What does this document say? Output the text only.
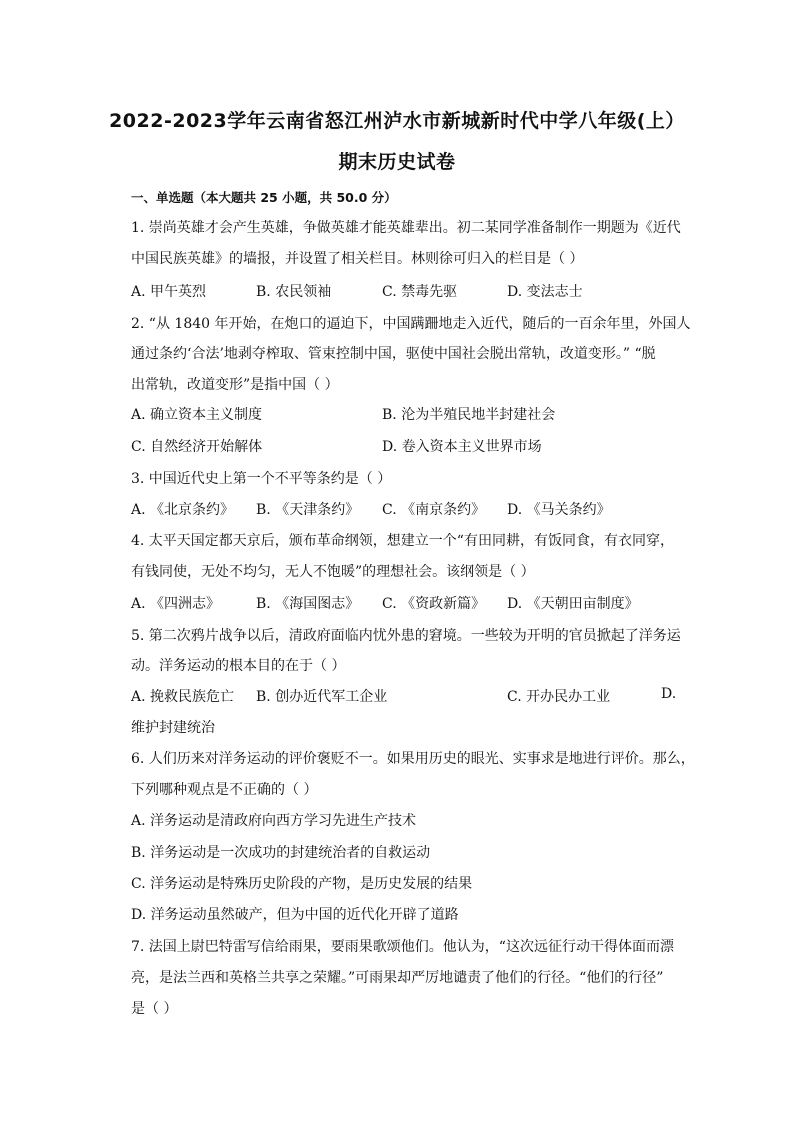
2022-2023学年云南省怒江州泸水市新城新时代中学八年级(上）
期末历史试卷
一、单选题（本大题共 25 小题，共 50.0 分）
1. 崇尚英雄才会产生英雄，争做英雄才能英雄辈出。初二某同学准备制作一期题为《近代
中国民族英雄》的墙报，并设置了相关栏目。林则徐可归入的栏目是（ ）
A. 甲午英烈	B. 农民领袖	C. 禁毒先驱	D. 变法志士
2. “从 1840 年开始，在炮口的逼迫下，中国蹒跚地走入近代，随后的一百余年里，外国人
通过条约‘合法’地剥夺榨取、管束控制中国，驱使中国社会脱出常轨，改道变形。” “脱
出常轨，改道变形”是指中国（ ）
A. 确立资本主义制度	B. 沦为半殖民地半封建社会
C. 自然经济开始解体	D. 卷入资本主义世界市场
3. 中国近代史上第一个不平等条约是（ ）
A. 《北京条约》 B. 《天津条约》 C. 《南京条约》 D. 《马关条约》
4. 太平天国定都天京后，颁布革命纲领，想建立一个“有田同耕，有饭同食，有衣同穿，
有钱同使，无处不均匀，无人不饱暖”的理想社会。该纲领是（ ）
A. 《四洲志》	B. 《海国图志》 C. 《资政新篇》 D. 《天朝田亩制度》
5. 第二次鸦片战争以后，清政府面临内忧外患的窘境。一些较为开明的官员掀起了洋务运
动。洋务运动的根本目的在于（ ）
A. 挽救民族危亡 B. 创办近代军工企业	C. 开办民办工业	D.
维护封建统治
6. 人们历来对洋务运动的评价褒贬不一。如果用历史的眼光、实事求是地进行评价。那么，
下列哪种观点是不正确的（ ）
A. 洋务运动是清政府向西方学习先进生产技术
B. 洋务运动是一次成功的封建统治者的自救运动
C. 洋务运动是特殊历史阶段的产物，是历史发展的结果
D. 洋务运动虽然破产，但为中国的近代化开辟了道路
7. 法国上尉巴特雷写信给雨果，要雨果歌颂他们。他认为，“这次远征行动干得体面而漂
亮，是法兰西和英格兰共享之荣耀。”可雨果却严厉地谴责了他们的行径。“他们的行径”
是（ ）
